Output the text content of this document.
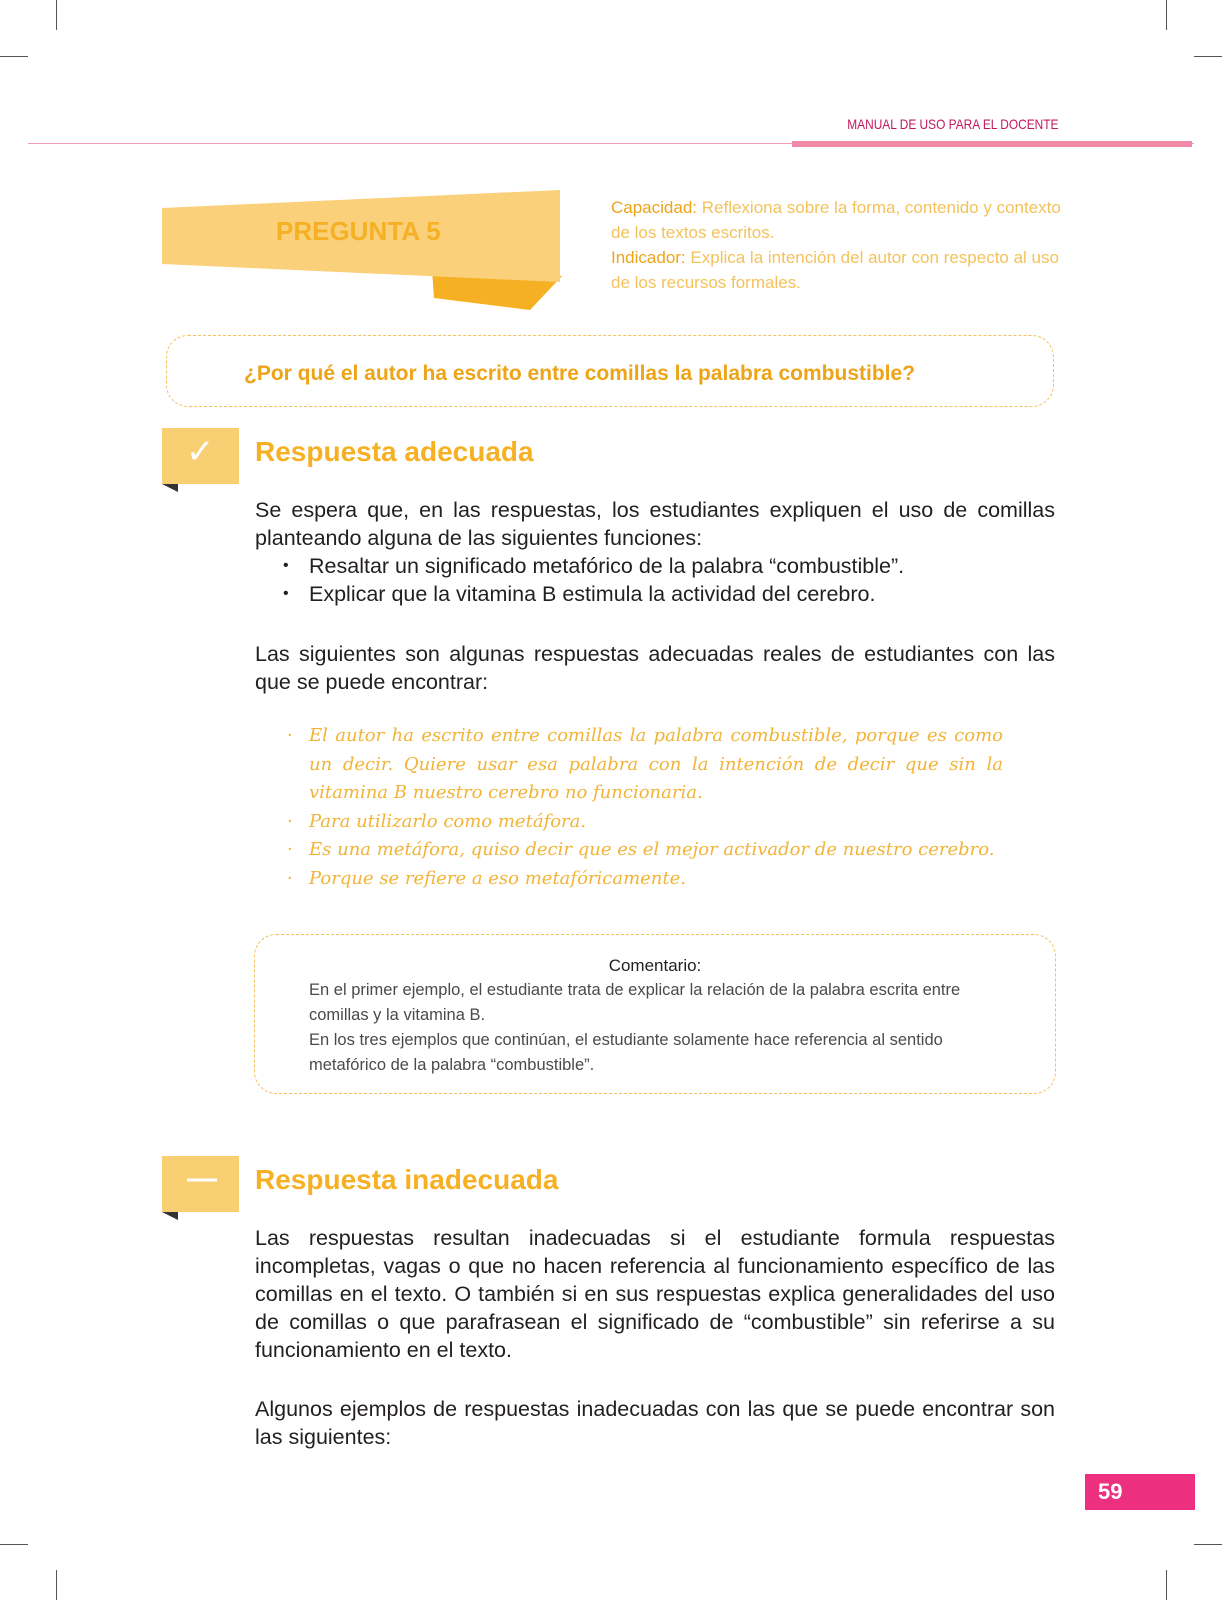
MANUAL DE USO PARA EL DOCENTE
PREGUNTA 5
Capacidad: Reflexiona sobre la forma, contenido y contexto de los textos escritos.
Indicador: Explica la intención del autor con respecto al uso de los recursos formales.
¿Por qué el autor ha escrito entre comillas la palabra combustible?
✓ Respuesta adecuada
Se espera que, en las respuestas, los estudiantes expliquen el uso de comillas planteando alguna de las siguientes funciones:
• Resaltar un significado metafórico de la palabra “combustible”.
• Explicar que la vitamina B estimula la actividad del cerebro.
Las siguientes son algunas respuestas adecuadas reales de estudiantes con las que se puede encontrar:
· El autor ha escrito entre comillas la palabra combustible, porque es como un decir. Quiere usar esa palabra con la intención de decir que sin la vitamina B nuestro cerebro no funcionaria.
· Para utilizarlo como metáfora.
· Es una metáfora, quiso decir que es el mejor activador de nuestro cerebro.
· Porque se refiere a eso metafóricamente.
Comentario:
En el primer ejemplo, el estudiante trata de explicar la relación de la palabra escrita entre comillas y la vitamina B.
En los tres ejemplos que continúan, el estudiante solamente hace referencia al sentido metafórico de la palabra “combustible”.
— Respuesta inadecuada
Las respuestas resultan inadecuadas si el estudiante formula respuestas incompletas, vagas o que no hacen referencia al funcionamiento específico de las comillas en el texto. O también si en sus respuestas explica generalidades del uso de comillas o que parafrasean el significado de “combustible” sin referirse a su funcionamiento en el texto.
Algunos ejemplos de respuestas inadecuadas con las que se puede encontrar son las siguientes:
59
